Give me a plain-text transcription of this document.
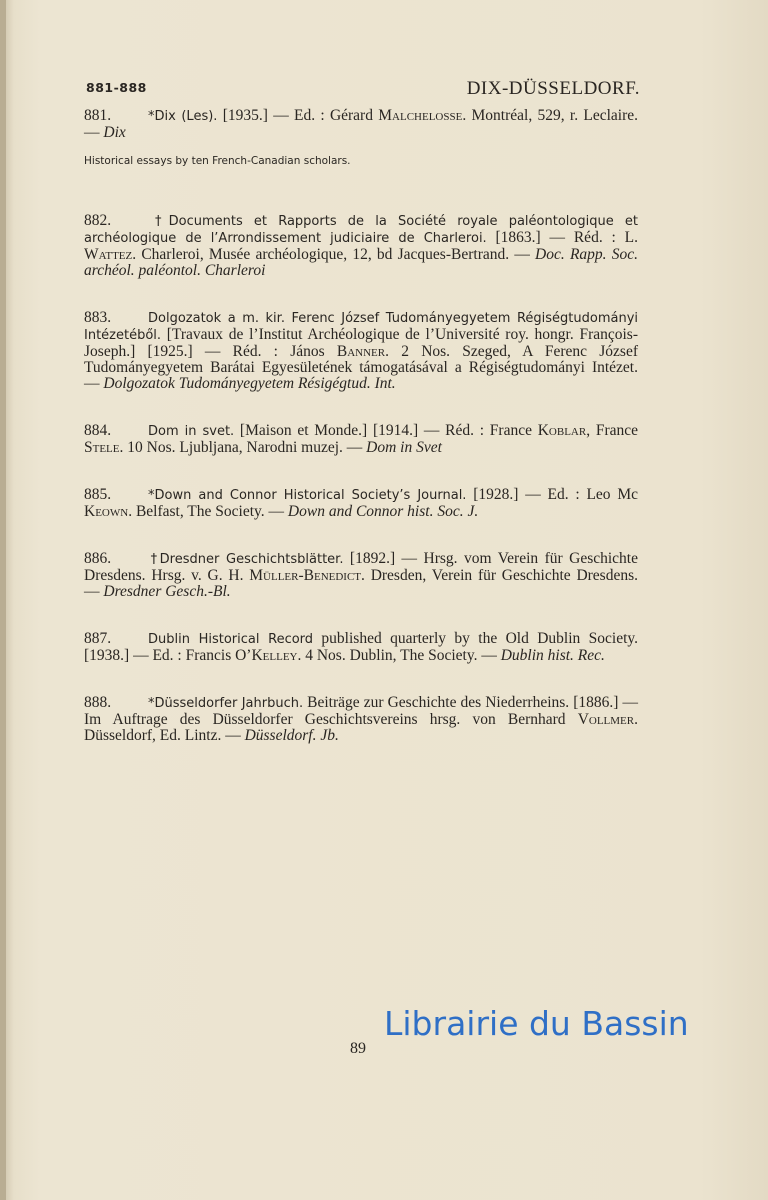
881-888	DIX-DÜSSELDORF.

881.	*Dix (Les). [1935.] — Ed. : Gérard Malchelosse. Montréal, 529, r. Leclaire. — Dix
Historical essays by ten French-Canadian scholars.

882.	†Documents et Rapports de la Société royale paléontologique et archéologique de l’Arrondissement judiciaire de Charleroi. [1863.] — Réd. : L. Wattez. Charleroi, Musée archéologique, 12, bd Jacques-Bertrand. — Doc. Rapp. Soc. archéol. paléontol. Charleroi

883.	Dolgozatok a m. kir. Ferenc József Tudományegyetem Régiségtudományi Intézetéből. [Travaux de l’Institut Archéologique de l’Université roy. hongr. François-Joseph.] [1925.] — Réd. : János Banner. 2 Nos. Szeged, A Ferenc József Tudományegyetem Barátai Egyesületének támogatásával a Régiségtudományi Intézet. — Dolgozatok Tudományegyetem Résigégtud. Int.

884.	Dom in svet. [Maison et Monde.] [1914.] — Réd. : France Koblar, France Stele. 10 Nos. Ljubljana, Narodni muzej. — Dom in Svet

885.	*Down and Connor Historical Society’s Journal. [1928.] — Ed. : Leo Mc Keown. Belfast, The Society. — Down and Connor hist. Soc. J.

886.	†Dresdner Geschichtsblätter. [1892.] — Hrsg. vom Verein für Geschichte Dresdens. Hrsg. v. G. H. Müller-Benedict. Dresden, Verein für Geschichte Dresdens. — Dresdner Gesch.-Bl.

887.	Dublin Historical Record published quarterly by the Old Dublin Society. [1938.] — Ed. : Francis O’Kelley. 4 Nos. Dublin, The Society. — Dublin hist. Rec.

888.	*Düsseldorfer Jahrbuch. Beiträge zur Geschichte des Niederrheins. [1886.] — Im Auftrage des Düsseldorfer Geschichtsvereins hrsg. von Bernhard Vollmer. Düsseldorf, Ed. Lintz. — Düsseldorf. Jb.

Librairie du Bassin
89
